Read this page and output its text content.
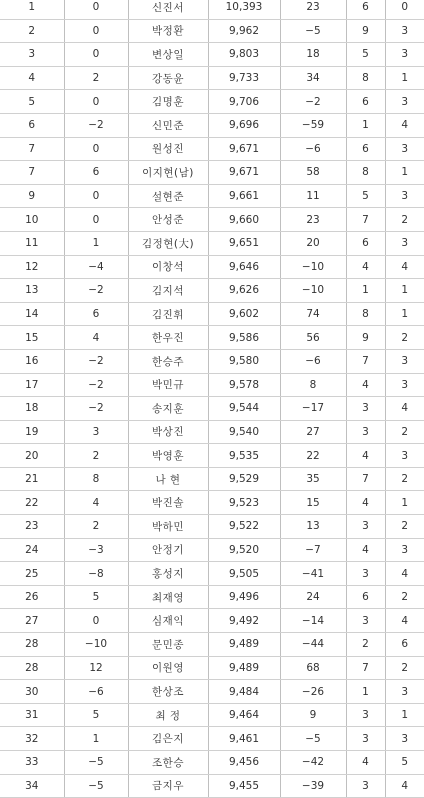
1	0	신진서	10,393	23	6	0
2	0	박정환	9,962	−5	9	3
3	0	변상일	9,803	18	5	3
4	2	강동윤	9,733	34	8	1
5	0	김명훈	9,706	−2	6	3
6	−2	신민준	9,696	−59	1	4
7	0	원성진	9,671	−6	6	3
7	6	이지현(남)	9,671	58	8	1
9	0	설현준	9,661	11	5	3
10	0	안성준	9,660	23	7	2
11	1	김정현(大)	9,651	20	6	3
12	−4	이창석	9,646	−10	4	4
13	−2	김지석	9,626	−10	1	1
14	6	김진휘	9,602	74	8	1
15	4	한우진	9,586	56	9	2
16	−2	한승주	9,580	−6	7	3
17	−2	박민규	9,578	8	4	3
18	−2	송지훈	9,544	−17	3	4
19	3	박상진	9,540	27	3	2
20	2	박영훈	9,535	22	4	3
21	8	나 현	9,529	35	7	2
22	4	박진솔	9,523	15	4	1
23	2	박하민	9,522	13	3	2
24	−3	안정기	9,520	−7	4	3
25	−8	홍성지	9,505	−41	3	4
26	5	최재영	9,496	24	6	2
27	0	심재익	9,492	−14	3	4
28	−10	문민종	9,489	−44	2	6
28	12	이원영	9,489	68	7	2
30	−6	한상조	9,484	−26	1	3
31	5	최 정	9,464	9	3	1
32	1	김은지	9,461	−5	3	3
33	−5	조한승	9,456	−42	4	5
34	−5	금지우	9,455	−39	3	4
